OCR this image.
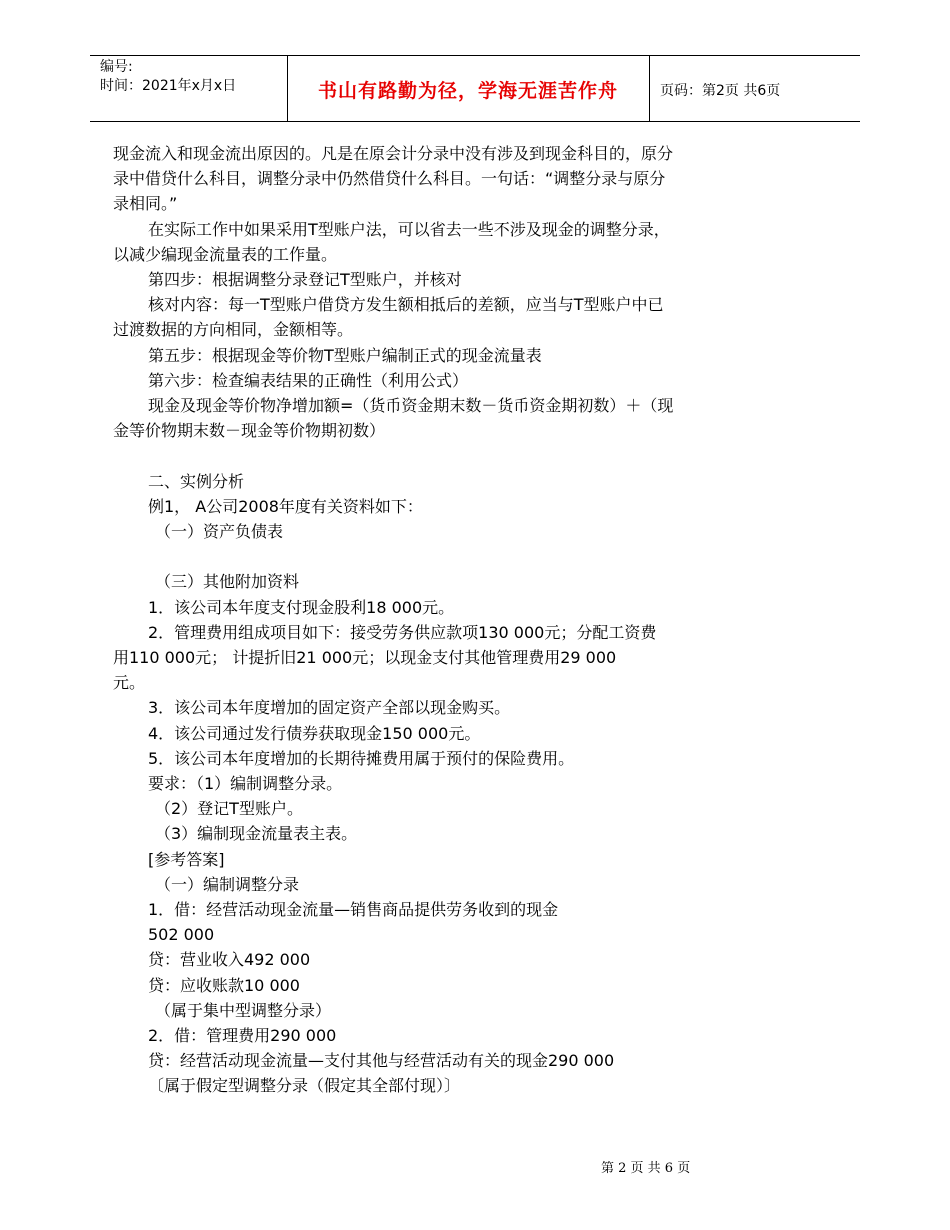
编号:
时间：2021年x月x日	书山有路勤为径，学海无涯苦作舟	页码：第2页 共6页

现金流入和现金流出原因的。凡是在原会计分录中没有涉及到现金科目的，原分

录中借贷什么科目，调整分录中仍然借贷什么科目。一句话：“调整分录与原分

录相同。”

在实际工作中如果采用T型账户法，可以省去一些不涉及现金的调整分录，

以减少编现金流量表的工作量。

第四步：根据调整分录登记T型账户，并核对

核对内容：每一T型账户借贷方发生额相抵后的差额，应当与T型账户中已

过渡数据的方向相同，金额相等。

第五步：根据现金等价物T型账户编制正式的现金流量表

第六步：检查编表结果的正确性（利用公式）

现金及现金等价物净增加额=（货币资金期末数－货币资金期初数）＋（现

金等价物期末数－现金等价物期初数）

二、实例分析

例1， A公司2008年度有关资料如下：

（一）资产负债表

（三）其他附加资料

1．该公司本年度支付现金股利18 000元。

2．管理费用组成项目如下：接受劳务供应款项130 000元；分配工资费

用110 000元； 计提折旧21 000元；以现金支付其他管理费用29 000

元。

3．该公司本年度增加的固定资产全部以现金购买。

4．该公司通过发行债券获取现金150 000元。

5．该公司本年度增加的长期待摊费用属于预付的保险费用。

要求：（1）编制调整分录。

（2）登记T型账户。

（3）编制现金流量表主表。

[参考答案]

（一）编制调整分录

1．借：经营活动现金流量—销售商品提供劳务收到的现金

502 000

贷：营业收入492 000

贷：应收账款10 000

（属于集中型调整分录）

2．借：管理费用290 000

贷：经营活动现金流量—支付其他与经营活动有关的现金290 000

〔属于假定型调整分录（假定其全部付现）〕

第 2 页 共 6 页
